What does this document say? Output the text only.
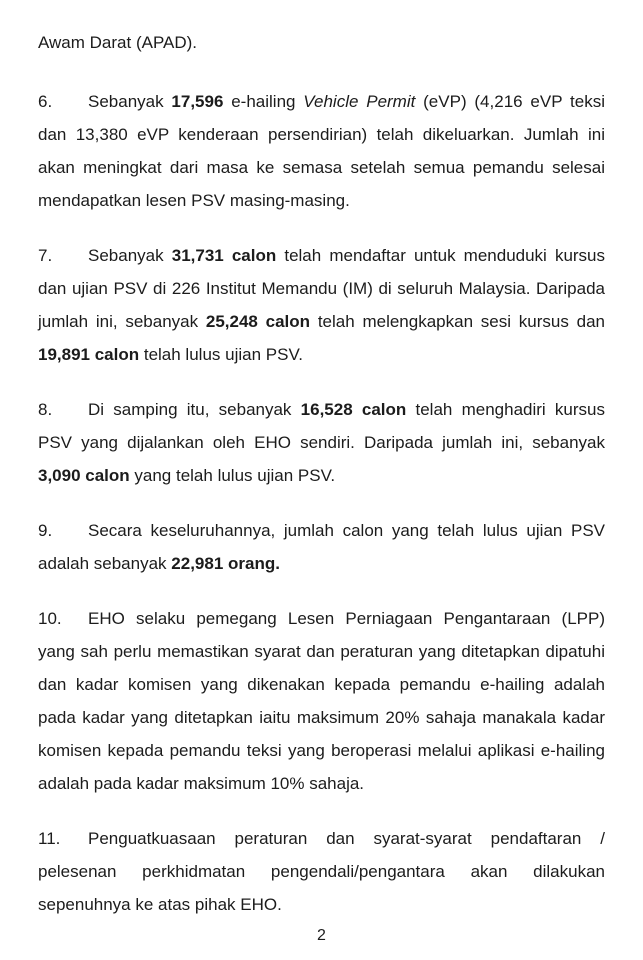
Awam Darat (APAD).

6. Sebanyak 17,596 e-hailing Vehicle Permit (eVP) (4,216 eVP teksi dan 13,380 eVP kenderaan persendirian) telah dikeluarkan. Jumlah ini akan meningkat dari masa ke semasa setelah semua pemandu selesai mendapatkan lesen PSV masing-masing.

7. Sebanyak 31,731 calon telah mendaftar untuk menduduki kursus dan ujian PSV di 226 Institut Memandu (IM) di seluruh Malaysia. Daripada jumlah ini, sebanyak 25,248 calon telah melengkapkan sesi kursus dan 19,891 calon telah lulus ujian PSV.

8. Di samping itu, sebanyak 16,528 calon telah menghadiri kursus PSV yang dijalankan oleh EHO sendiri. Daripada jumlah ini, sebanyak 3,090 calon yang telah lulus ujian PSV.

9. Secara keseluruhannya, jumlah calon yang telah lulus ujian PSV adalah sebanyak 22,981 orang.

10. EHO selaku pemegang Lesen Perniagaan Pengantaraan (LPP) yang sah perlu memastikan syarat dan peraturan yang ditetapkan dipatuhi dan kadar komisen yang dikenakan kepada pemandu e-hailing adalah pada kadar yang ditetapkan iaitu maksimum 20% sahaja manakala kadar komisen kepada pemandu teksi yang beroperasi melalui aplikasi e-hailing adalah pada kadar maksimum 10% sahaja.

11. Penguatkuasaan peraturan dan syarat-syarat pendaftaran / pelesenan perkhidmatan pengendali/pengantara akan dilakukan sepenuhnya ke atas pihak EHO.

2
